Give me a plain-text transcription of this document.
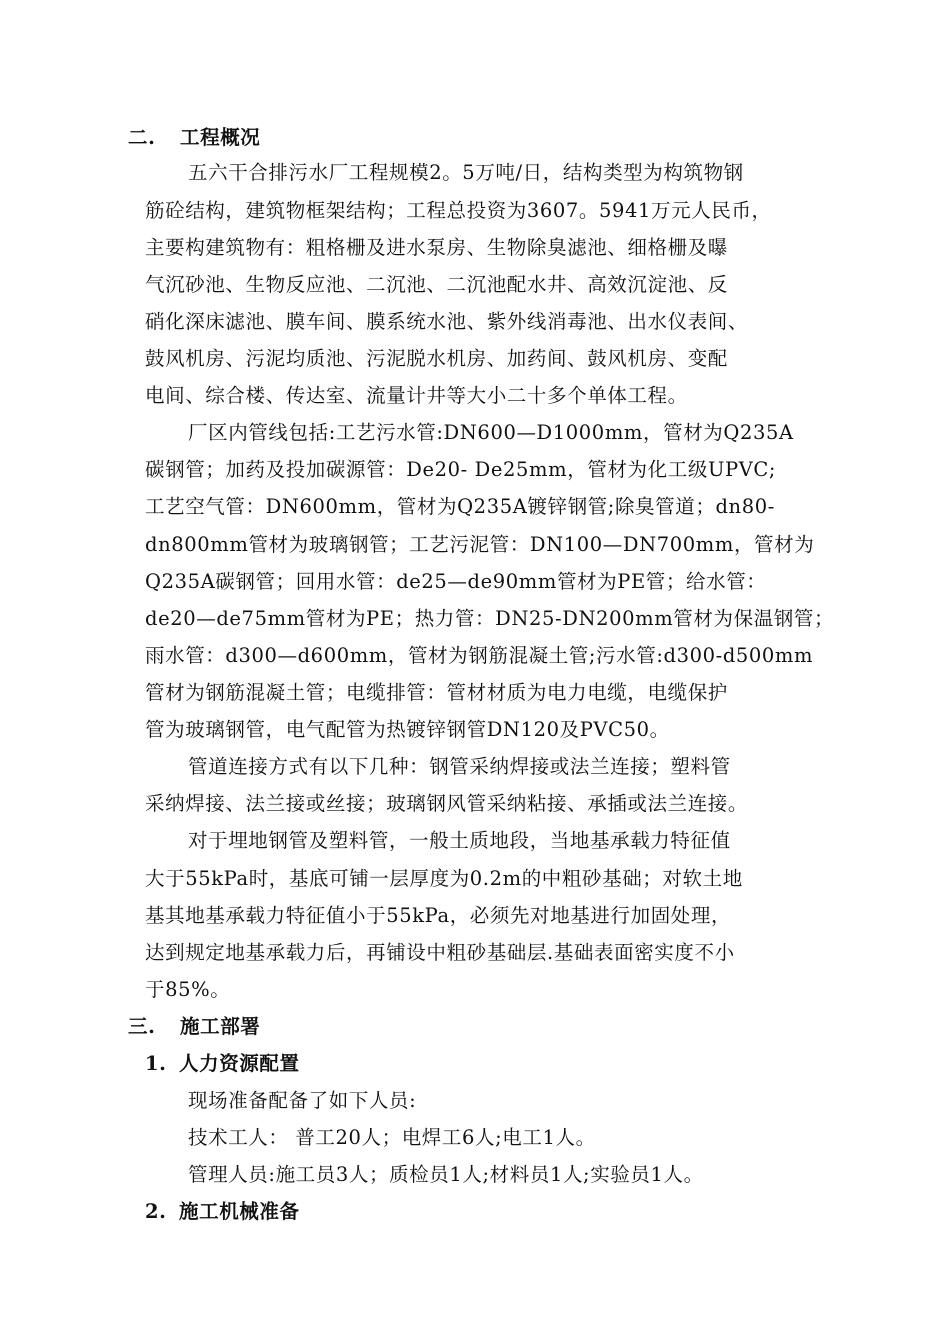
二. 工程概况
五六干合排污水厂工程规模2。5万吨/日，结构类型为构筑物钢
筋砼结构，建筑物框架结构；工程总投资为3607。5941万元人民币，
主要构建筑物有：粗格栅及进水泵房、生物除臭滤池、细格栅及曝
气沉砂池、生物反应池、二沉池、二沉池配水井、高效沉淀池、反
硝化深床滤池、膜车间、膜系统水池、紫外线消毒池、出水仪表间、
鼓风机房、污泥均质池、污泥脱水机房、加药间、鼓风机房、变配
电间、综合楼、传达室、流量计井等大小二十多个单体工程。
厂区内管线包括:工艺污水管:DN600—D1000mm，管材为Q235A
碳钢管；加药及投加碳源管：De20- De25mm，管材为化工级UPVC;
工艺空气管：DN600mm，管材为Q235A镀锌钢管;除臭管道；dn80-
dn800mm管材为玻璃钢管；工艺污泥管：DN100—DN700mm，管材为
Q235A碳钢管；回用水管：de25—de90mm管材为PE管；给水管：
de20—de75mm管材为PE；热力管：DN25-DN200mm管材为保温钢管；
雨水管：d300—d600mm，管材为钢筋混凝土管;污水管:d300-d500mm
管材为钢筋混凝土管；电缆排管：管材材质为电力电缆，电缆保护
管为玻璃钢管，电气配管为热镀锌钢管DN120及PVC50。
管道连接方式有以下几种：钢管采纳焊接或法兰连接；塑料管
采纳焊接、法兰接或丝接；玻璃钢风管采纳粘接、承插或法兰连接。
对于埋地钢管及塑料管，一般土质地段，当地基承载力特征值
大于55kPa时，基底可铺一层厚度为0.2m的中粗砂基础；对软土地
基其地基承载力特征值小于55kPa，必须先对地基进行加固处理，
达到规定地基承载力后，再铺设中粗砂基础层.基础表面密实度不小
于85%。
三. 施工部署
1. 人力资源配置
现场准备配备了如下人员:
技术工人： 普工20人；电焊工6人;电工1人。
管理人员:施工员3人；质检员1人;材料员1人;实验员1人。
2. 施工机械准备
